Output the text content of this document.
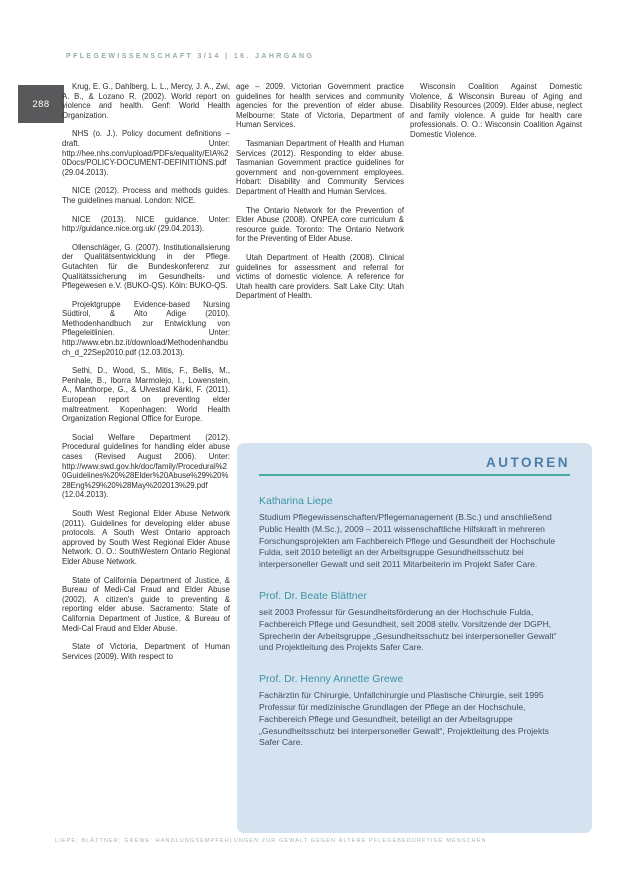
PFLEGEWISSENSCHAFT 3/14 | 16. JAHRGANG
288

Krug, E. G., Dahlberg, L. L., Mercy, J. A., Zwi, A. B., & Lozano R. (2002). World report on violence and health. Genf: World Health Organization.

NHS (o. J.). Policy document definitions – draft. Unter: http://hee.nhs.com/upload/PDFs/equality/EIA%20Docs/POLICY-DOCUMENT-DEFINITIONS.pdf (29.04.2013).

NICE (2012). Process and methods guides. The guidelines manual. London: NICE.

NICE (2013). NICE guidance. Unter: http://guidance.nice.org.uk/ (29.04.2013).

Ollenschläger, G. (2007). Institutionalisierung der Qualitätsentwicklung in der Pflege. Gutachten für die Bundeskonferenz zur Qualitätssicherung im Gesundheits- und Pflegewesen e.V. (BUKO-QS). Köln: BUKO-QS.

Projektgruppe Evidence-based Nursing Südtirol, & Alto Adige (2010). Methodenhandbuch zur Entwicklung von Pflegeleitlinien. Unter: http://www.ebn.bz.it/download/Methodenhandbuch_d_22Sep2010.pdf (12.03.2013).

Sethi, D., Wood, S., Mitis, F., Bellis, M., Penhale, B., Iborra Marmolejo, I., Lowenstein, A., Manthorpe, G., & Ulvestad Kärki, F. (2011). European report on preventing elder maltreatment. Kopenhagen: World Health Organization Regional Office for Europe.

Social Welfare Department (2012). Procedural guidelines for handling elder abuse cases (Revised August 2006). Unter: http://www.swd.gov.hk/doc/family/Procedural%20Guidelines%20%28Elder%20Abuse%29%20%28Eng%29%20%28May%202013%29.pdf (12.04.2013).

South West Regional Elder Abuse Network (2011). Guidelines for developing elder abuse protocols. A South West Ontario approach approved by South West Regional Elder Abuse Network. O. O.: SouthWestern Ontario Regional Elder Abuse Network.

State of California Department of Justice, & Bureau of Medi-Cal Fraud and Elder Abuse (2002). A citizen's guide to preventing & reporting elder abuse. Sacramento: State of California Department of Justice, & Bureau of Medi-Cal Fraud and Elder Abuse.

State of Victoria, Department of Human Services (2009). With respect to

age – 2009. Victorian Government practice guidelines for health services and community agencies for the prevention of elder abuse. Melbourne: State of Victoria, Department of Human Services.

Tasmanian Department of Health and Human Services (2012). Responding to elder abuse. Tasmanian Government practice guidelines for government and non-government employees. Hobart: Disability and Community Services Department of Health and Human Services.

The Ontario Network for the Prevention of Elder Abuse (2008). ONPEA core curriculum & resource guide. Toronto: The Ontario Network for the Preventing of Elder Abuse.

Utah Department of Health (2008). Clinical guidelines for assessment and referral for victims of domestic violence. A reference for Utah health care providers. Salt Lake City: Utah Department of Health.

Wisconsin Coalition Against Domestic Violence, & Wisconsin Bureau of Aging and Disability Resources (2009). Elder abuse, neglect and family violence. A guide for health care professionals. O. O.: Wisconsin Coalition Against Domestic Violence.

AUTOREN
Katharina Liepe
Studium Pflegewissenschaften/Pflegemanagement (B.Sc.) und anschließend Public Health (M.Sc.), 2009 – 2011 wissenschaftliche Hilfskraft in mehreren Forschungsprojekten am Fachbereich Pflege und Gesundheit der Hochschule Fulda, seit 2010 beteiligt an der Arbeitsgruppe Gesundheitsschutz bei interpersoneller Gewalt und seit 2011 Mitarbeiterin im Projekt Safer Care.
Prof. Dr. Beate Blättner
seit 2003 Professur für Gesundheitsförderung an der Hochschule Fulda, Fachbereich Pflege und Gesundheit, seit 2008 stellv. Vorsitzende der DGPH, Sprecherin der Arbeitsgruppe „Gesundheitsschutz bei interpersoneller Gewalt“ und Projektleitung des Projekts Safer Care.
Prof. Dr. Henny Annette Grewe
Fachärztin für Chirurgie, Unfallchirurgie und Plastische Chirurgie, seit 1995 Professur für medizinische Grundlagen der Pflege an der Hochschule, Fachbereich Pflege und Gesundheit, beteiligt an der Arbeitsgruppe „Gesundheitsschutz bei interpersoneller Gewalt“, Projektleitung des Projekts Safer Care.
LIEPE; BLÄTTNER; GREWE: HANDLUNGSEMPFEHLUNGEN ZUR GEWALT GEGEN ÄLTERE PFLEGEBEDÜRFTIGE MENSCHEN
